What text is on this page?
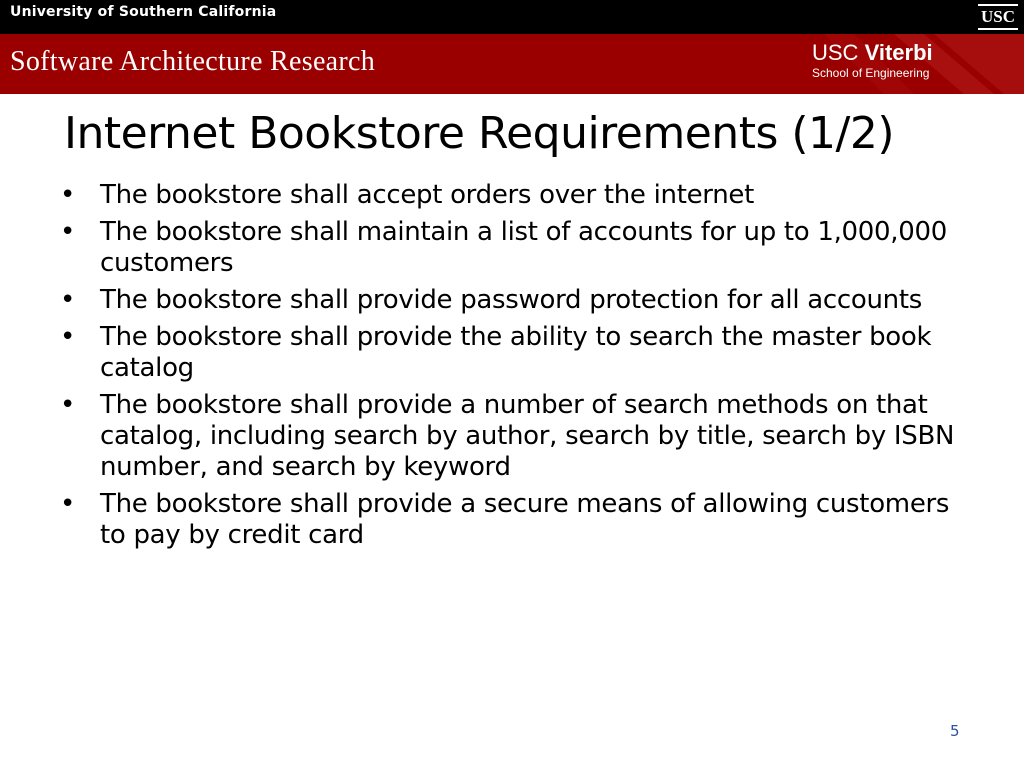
University of Southern California	USC
Software Architecture Research	USC Viterbi
School of Engineering
Internet Bookstore Requirements (1/2)
• The bookstore shall accept orders over the internet
• The bookstore shall maintain a list of accounts for up to 1,000,000 customers
• The bookstore shall provide password protection for all accounts
• The bookstore shall provide the ability to search the master book catalog
• The bookstore shall provide a number of search methods on that catalog, including search by author, search by title, search by ISBN number, and search by keyword
• The bookstore shall provide a secure means of allowing customers to pay by credit card
5
